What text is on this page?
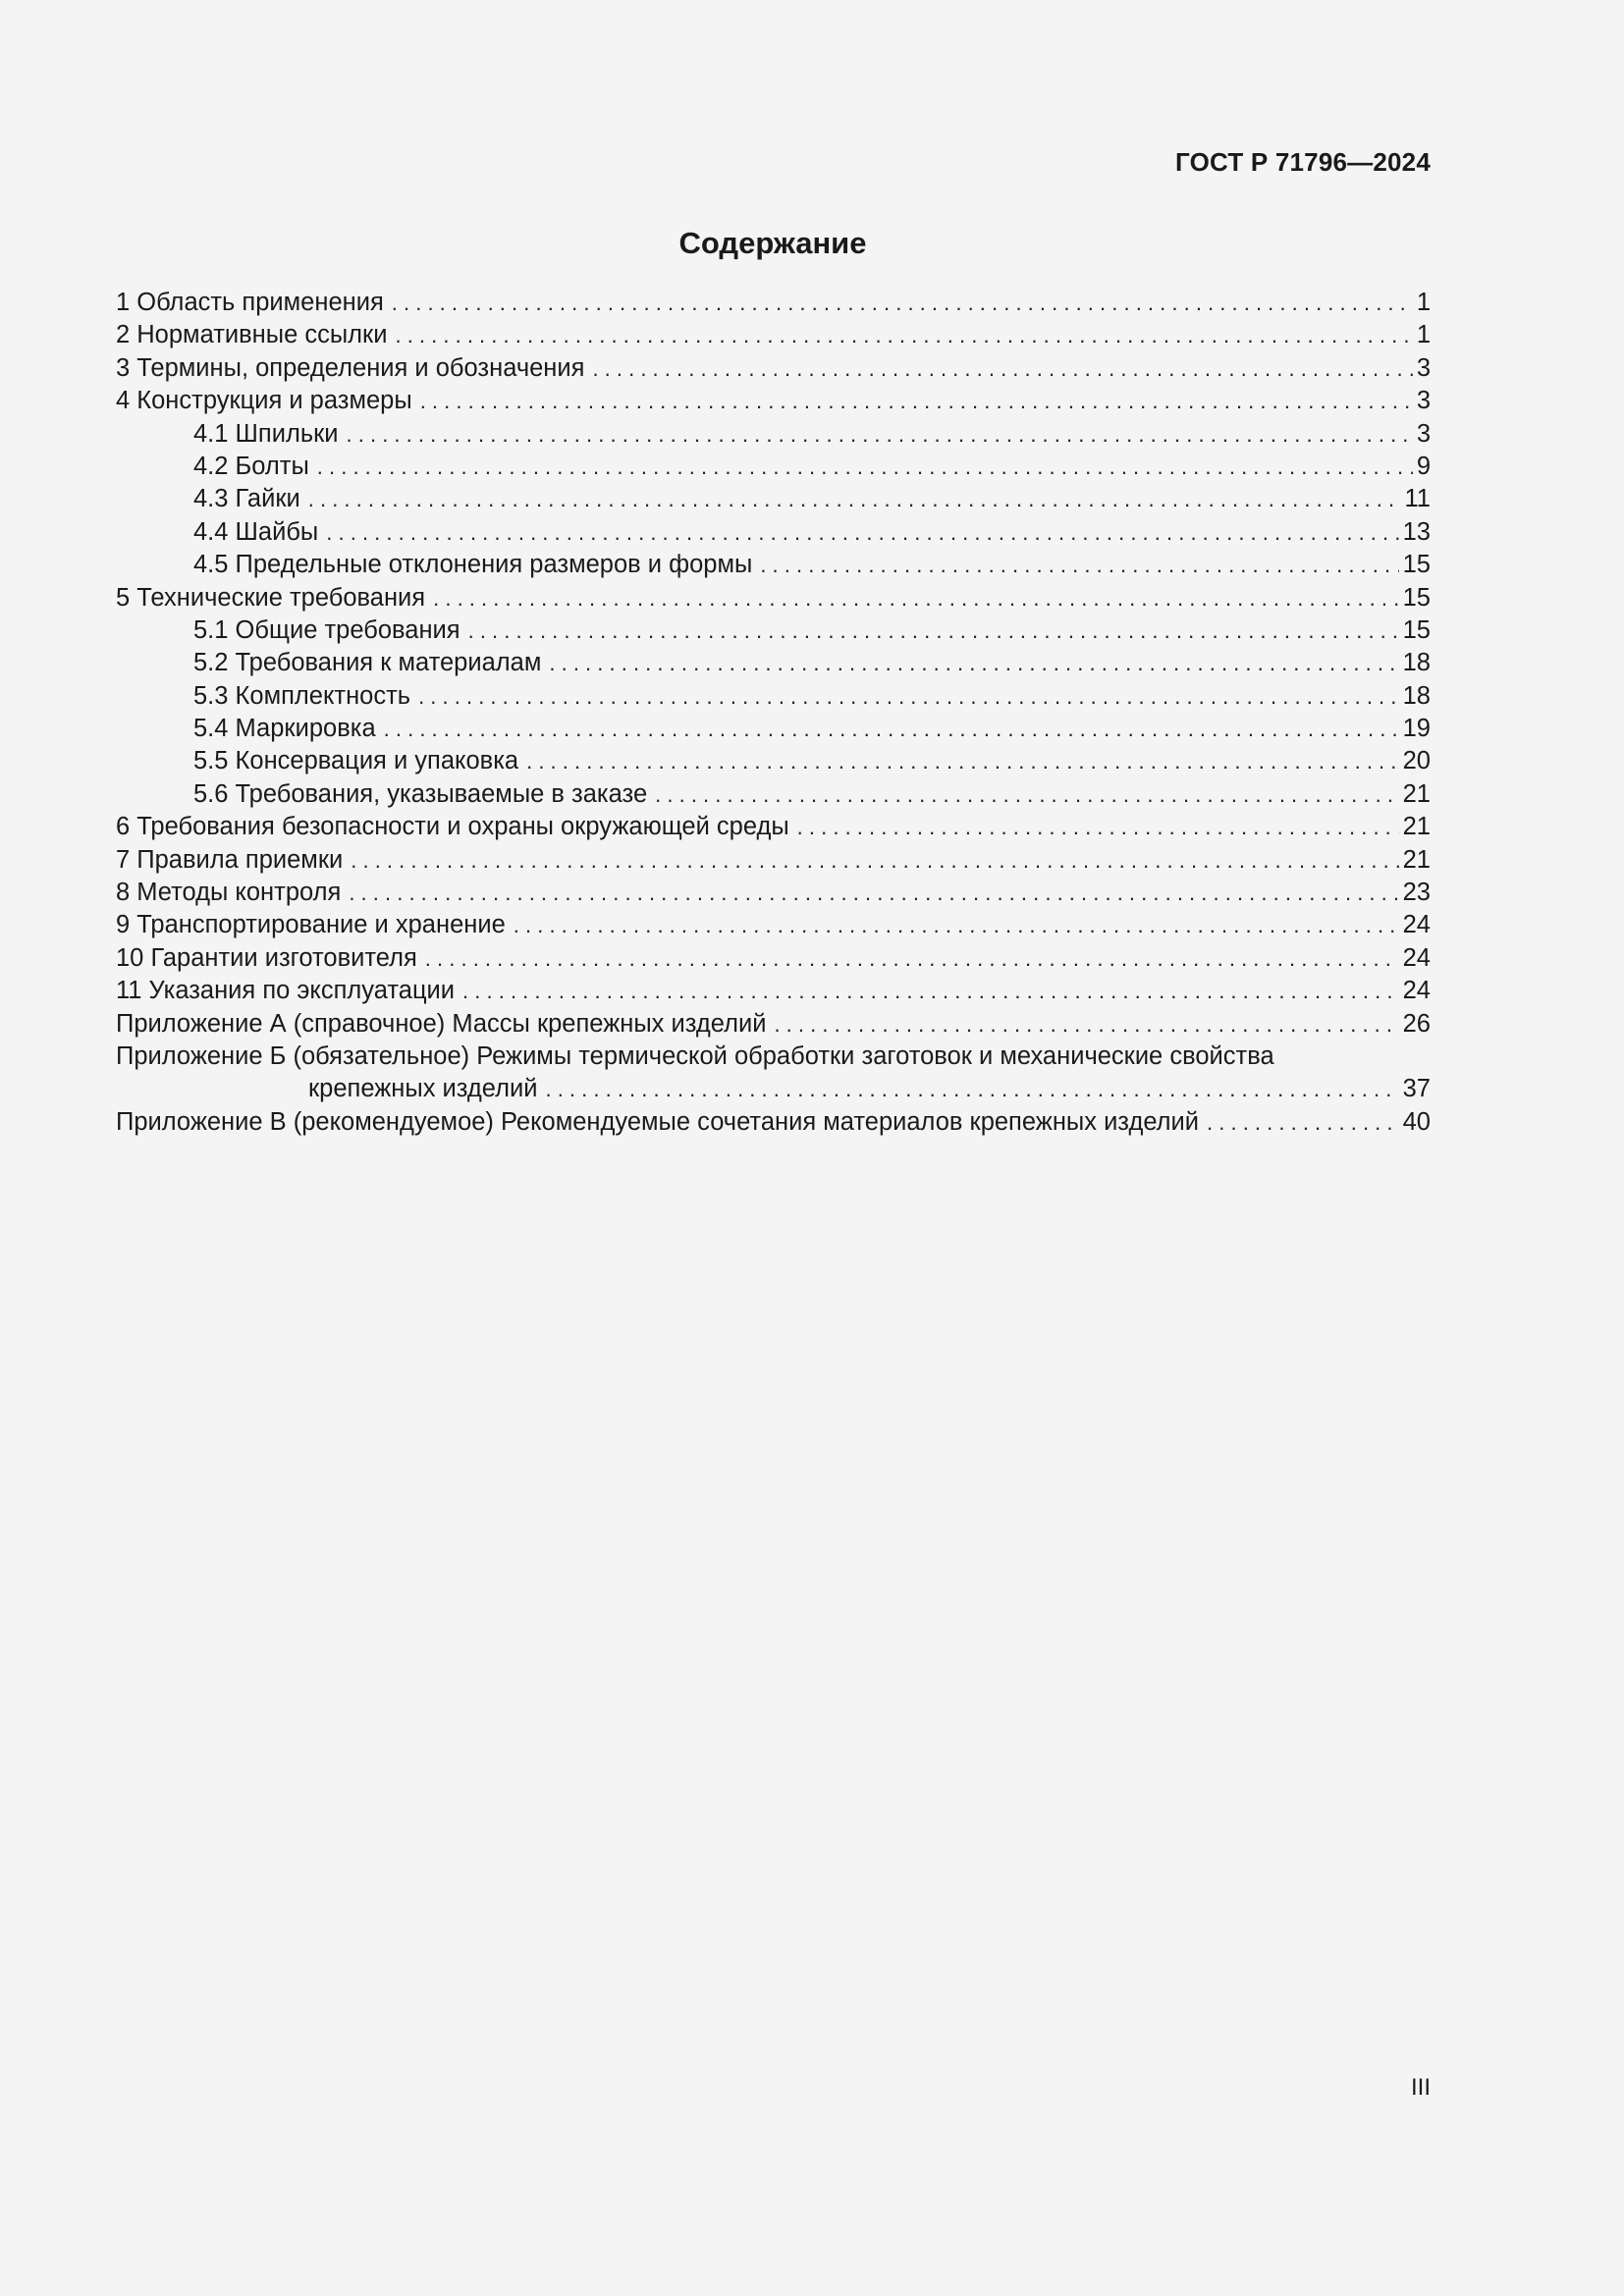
ГОСТ Р 71796—2024
Содержание
1 Область применения . . .	1
2 Нормативные ссылки . . .	1
3 Термины, определения и обозначения . . .	3
4 Конструкция и размеры . . .	3
4.1 Шпильки . . .	3
4.2 Болты . . .	9
4.3 Гайки . . .	11
4.4 Шайбы . . .	13
4.5 Предельные отклонения размеров и формы . . .	15
5 Технические требования . . .	15
5.1 Общие требования . . .	15
5.2 Требования к материалам . . .	18
5.3 Комплектность . . .	18
5.4 Маркировка . . .	19
5.5 Консервация и упаковка . . .	20
5.6 Требования, указываемые в заказе . . .	21
6 Требования безопасности и охраны окружающей среды . . .	21
7 Правила приемки . . .	21
8 Методы контроля . . .	23
9 Транспортирование и хранение . . .	24
10 Гарантии изготовителя . . .	24
11 Указания по эксплуатации . . .	24
Приложение А (справочное) Массы крепежных изделий . . .	26
Приложение Б (обязательное) Режимы термической обработки заготовок и механические свойства
крепежных изделий . . .	37
Приложение В (рекомендуемое) Рекомендуемые сочетания материалов крепежных изделий . . .	40
III
